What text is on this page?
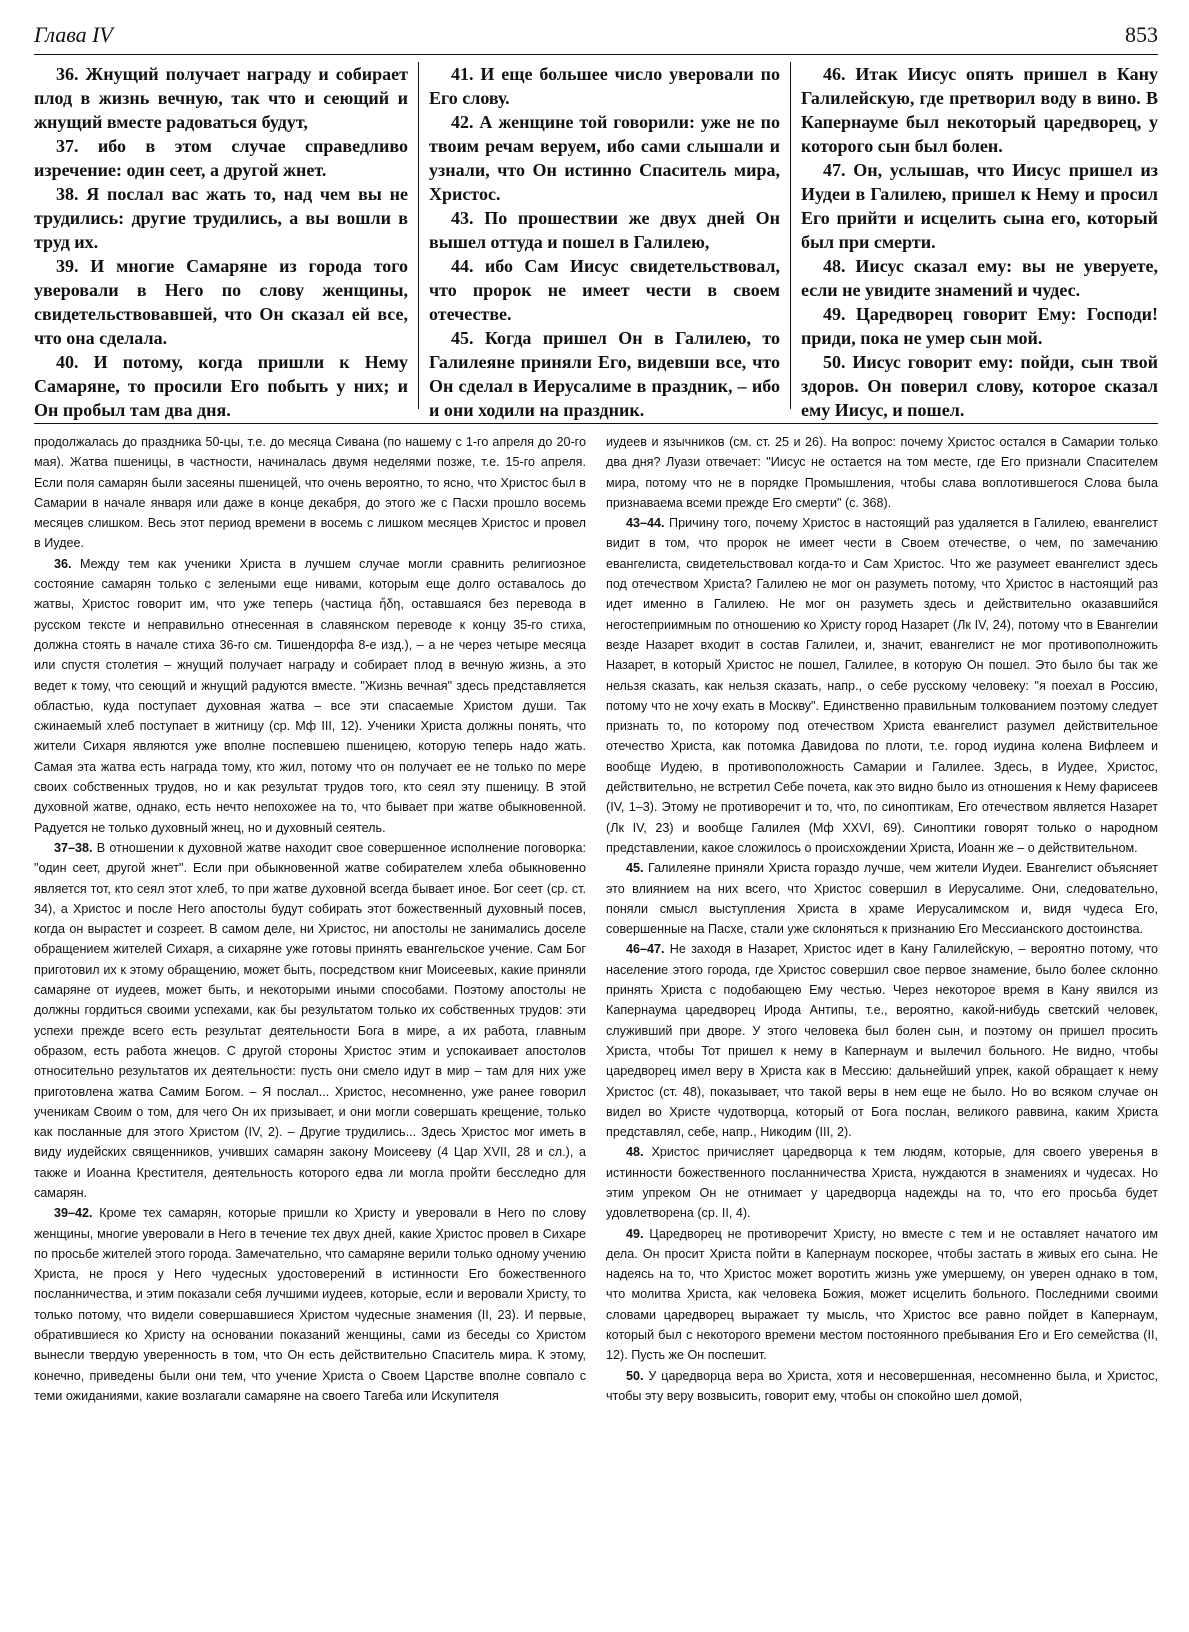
Глава IV	853

36. Жнущий получает награду и собирает плод в жизнь вечную, так что и сеющий и жнущий вместе радоваться будут,

37. ибо в этом случае справедливо изречение: один сеет, а другой жнет.

38. Я послал вас жать то, над чем вы не трудились: другие трудились, а вы вошли в труд их.

39. И многие Самаряне из города того уверовали в Него по слову женщины, свидетельствовавшей, что Он сказал ей все, что она сделала.

40. И потому, когда пришли к Нему Самаряне, то просили Его побыть у них; и Он пробыл там два дня.

41. И еще большее число уверовали по Его слову.

42. А женщине той говорили: уже не по твоим речам веруем, ибо сами слышали и узнали, что Он истинно Спаситель мира, Христос.

43. По прошествии же двух дней Он вышел оттуда и пошел в Галилею,

44. ибо Сам Иисус свидетельствовал, что пророк не имеет чести в своем отечестве.

45. Когда пришел Он в Галилею, то Галилеяне приняли Его, видевши все, что Он сделал в Иерусалиме в праздник, – ибо и они ходили на праздник.

46. Итак Иисус опять пришел в Кану Галилейскую, где претворил воду в вино. В Капернауме был некоторый царедворец, у которого сын был болен.

47. Он, услышав, что Иисус пришел из Иудеи в Галилею, пришел к Нему и просил Его прийти и исцелить сына его, который был при смерти.

48. Иисус сказал ему: вы не уверуете, если не увидите знамений и чудес.

49. Царедворец говорит Ему: Господи! приди, пока не умер сын мой.

50. Иисус говорит ему: пойди, сын твой здоров. Он поверил слову, которое сказал ему Иисус, и пошел.

продолжалась до праздника 50-цы, т.е. до месяца Сивана (по нашему с 1-го апреля до 20-го мая). Жатва пшеницы, в частности, начиналась двумя неделями позже, т.е. 15-го апреля. Если поля самарян были засеяны пшеницей, что очень вероятно, то ясно, что Христос был в Самарии в начале января или даже в конце декабря, до этого же с Пасхи прошло восемь месяцев слишком. Весь этот период времени в восемь с лишком месяцев Христос и провел в Иудее.

36. Между тем как ученики Христа в лучшем случае могли сравнить религиозное состояние самарян только с зелеными еще нивами, которым еще долго оставалось до жатвы, Христос говорит им, что уже теперь (частица ἤδη, оставшаяся без перевода в русском тексте и неправильно отнесенная в славянском переводе к концу 35-го стиха, должна стоять в начале стиха 36-го см. Тишендорфа 8-е изд.), – а не через четыре месяца или спустя столетия – жнущий получает награду и собирает плод в вечную жизнь, а это ведет к тому, что сеющий и жнущий радуются вместе. "Жизнь вечная" здесь представляется областью, куда поступает духовная жатва – все эти спасаемые Христом души. Так сжинаемый хлеб поступает в житницу (ср. Мф III, 12). Ученики Христа должны понять, что жители Сихаря являются уже вполне поспевшею пшеницею, которую теперь надо жать. Самая эта жатва есть награда тому, кто жил, потому что он получает ее не только по мере своих собственных трудов, но и как результат трудов того, кто сеял эту пшеницу. В этой духовной жатве, однако, есть нечто непохожее на то, что бывает при жатве обыкновенной. Радуется не только духовный жнец, но и духовный сеятель.

37–38. В отношении к духовной жатве находит свое совершенное исполнение поговорка: "один сеет, другой жнет". Если при обыкновенной жатве собирателем хлеба обыкновенно является тот, кто сеял этот хлеб, то при жатве духовной всегда бывает иное. Бог сеет (ср. ст. 34), а Христос и после Него апостолы будут собирать этот божественный духовный посев, когда он вырастет и созреет. В самом деле, ни Христос, ни апостолы не занимались доселе обращением жителей Сихаря, а сихаряне уже готовы принять евангельское учение. Сам Бог приготовил их к этому обращению, может быть, посредством книг Моисеевых, какие приняли самаряне от иудеев, может быть, и некоторыми иными способами. Поэтому апостолы не должны гордиться своими успехами, как бы результатом только их собственных трудов: эти успехи прежде всего есть результат деятельности Бога в мире, а их работа, главным образом, есть работа жнецов. С другой стороны Христос этим и успокаивает апостолов относительно результатов их деятельности: пусть они смело идут в мир – там для них уже приготовлена жатва Самим Богом. – Я послал... Христос, несомненно, уже ранее говорил ученикам Своим о том, для чего Он их призывает, и они могли совершать крещение, только как посланные для этого Христом (IV, 2). – Другие трудились... Здесь Христос мог иметь в виду иудейских священников, учивших самарян закону Моисееву (4 Цар XVII, 28 и сл.), а также и Иоанна Крестителя, деятельность которого едва ли могла пройти бесследно для самарян.

39–42. Кроме тех самарян, которые пришли ко Христу и уверовали в Него по слову женщины, многие уверовали в Него в течение тех двух дней, какие Христос провел в Сихаре по просьбе жителей этого города. Замечательно, что самаряне верили только одному учению Христа, не прося у Него чудесных удостоверений в истинности Его божественного посланничества, и этим показали себя лучшими иудеев, которые, если и веровали Христу, то только потому, что видели совершавшиеся Христом чудесные знамения (II, 23). И первые, обратившиеся ко Христу на основании показаний женщины, сами из беседы со Христом вынесли твердую уверенность в том, что Он есть действительно Спаситель мира. К этому, конечно, приведены были они тем, что учение Христа о Своем Царстве вполне совпало с теми ожиданиями, какие возлагали самаряне на своего Тагеба или Искупителя

иудеев и язычников (см. ст. 25 и 26). На вопрос: почему Христос остался в Самарии только два дня? Луази отвечает: "Иисус не остается на том месте, где Его признали Спасителем мира, потому что не в порядке Промышления, чтобы слава воплотившегося Слова была признаваема всеми прежде Его смерти" (с. 368).

43–44. Причину того, почему Христос в настоящий раз удаляется в Галилею, евангелист видит в том, что пророк не имеет чести в Своем отечестве, о чем, по замечанию евангелиста, свидетельствовал когда-то и Сам Христос. Что же разумеет евангелист здесь под отечеством Христа? Галилею не мог он разуметь потому, что Христос в настоящий раз идет именно в Галилею. Не мог он разуметь здесь и действительно оказавшийся негостеприимным по отношению ко Христу город Назарет (Лк IV, 24), потому что в Евангелии везде Назарет входит в состав Галилеи, и, значит, евангелист не мог противополножить Назарет, в который Христос не пошел, Галилее, в которую Он пошел. Это было бы так же нельзя сказать, как нельзя сказать, напр., о себе русскому человеку: "я поехал в Россию, потому что не хочу ехать в Москву". Единственно правильным толкованием поэтому следует признать то, по которому под отечеством Христа евангелист разумел действительное отечество Христа, как потомка Давидова по плоти, т.е. город иудина колена Вифлеем и вообще Иудею, в противоположность Самарии и Галилее. Здесь, в Иудее, Христос, действительно, не встретил Себе почета, как это видно было из отношения к Нему фарисеев (IV, 1–3). Этому не противоречит и то, что, по синоптикам, Его отечеством является Назарет (Лк IV, 23) и вообще Галилея (Мф XXVI, 69). Синоптики говорят только о народном представлении, какое сложилось о происхождении Христа, Иоанн же – о действительном.

45. Галилеяне приняли Христа гораздо лучше, чем жители Иудеи. Евангелист объясняет это влиянием на них всего, что Христос совершил в Иерусалиме. Они, следовательно, поняли смысл выступления Христа в храме Иерусалимском и, видя чудеса Его, совершенные на Пасхе, стали уже склоняться к признанию Его Мессианского достоинства.

46–47. Не заходя в Назарет, Христос идет в Кану Галилейскую, – вероятно потому, что население этого города, где Христос совершил свое первое знамение, было более склонно принять Христа с подобающею Ему честью. Через некоторое время в Кану явился из Капернаума царедворец Ирода Антипы, т.е., вероятно, какой-нибудь светский человек, служивший при дворе. У этого человека был болен сын, и поэтому он пришел просить Христа, чтобы Тот пришел к нему в Капернаум и вылечил больного. Не видно, чтобы царедворец имел веру в Христа как в Мессию: дальнейший упрек, какой обращает к нему Христос (ст. 48), показывает, что такой веры в нем еще не было. Но во всяком случае он видел во Христе чудотворца, который от Бога послан, великого раввина, каким Христа представлял, себе, напр., Никодим (III, 2).

48. Христос причисляет царедворца к тем людям, которые, для своего уверенья в истинности божественного посланничества Христа, нуждаются в знамениях и чудесах. Но этим упреком Он не отнимает у царедворца надежды на то, что его просьба будет удовлетворена (ср. II, 4).

49. Царедворец не противоречит Христу, но вместе с тем и не оставляет начатого им дела. Он просит Христа пойти в Капернаум поскорее, чтобы застать в живых его сына. Не надеясь на то, что Христос может воротить жизнь уже умершему, он уверен однако в том, что молитва Христа, как человека Божия, может исцелить больного. Последними своими словами царедворец выражает ту мысль, что Христос все равно пойдет в Капернаум, который был с некоторого времени местом постоянного пребывания Его и Его семейства (II, 12). Пусть же Он поспешит.

50. У царедворца вера во Христа, хотя и несовершенная, несомненно была, и Христос, чтобы эту веру возвысить, говорит ему, чтобы он спокойно шел домой,
